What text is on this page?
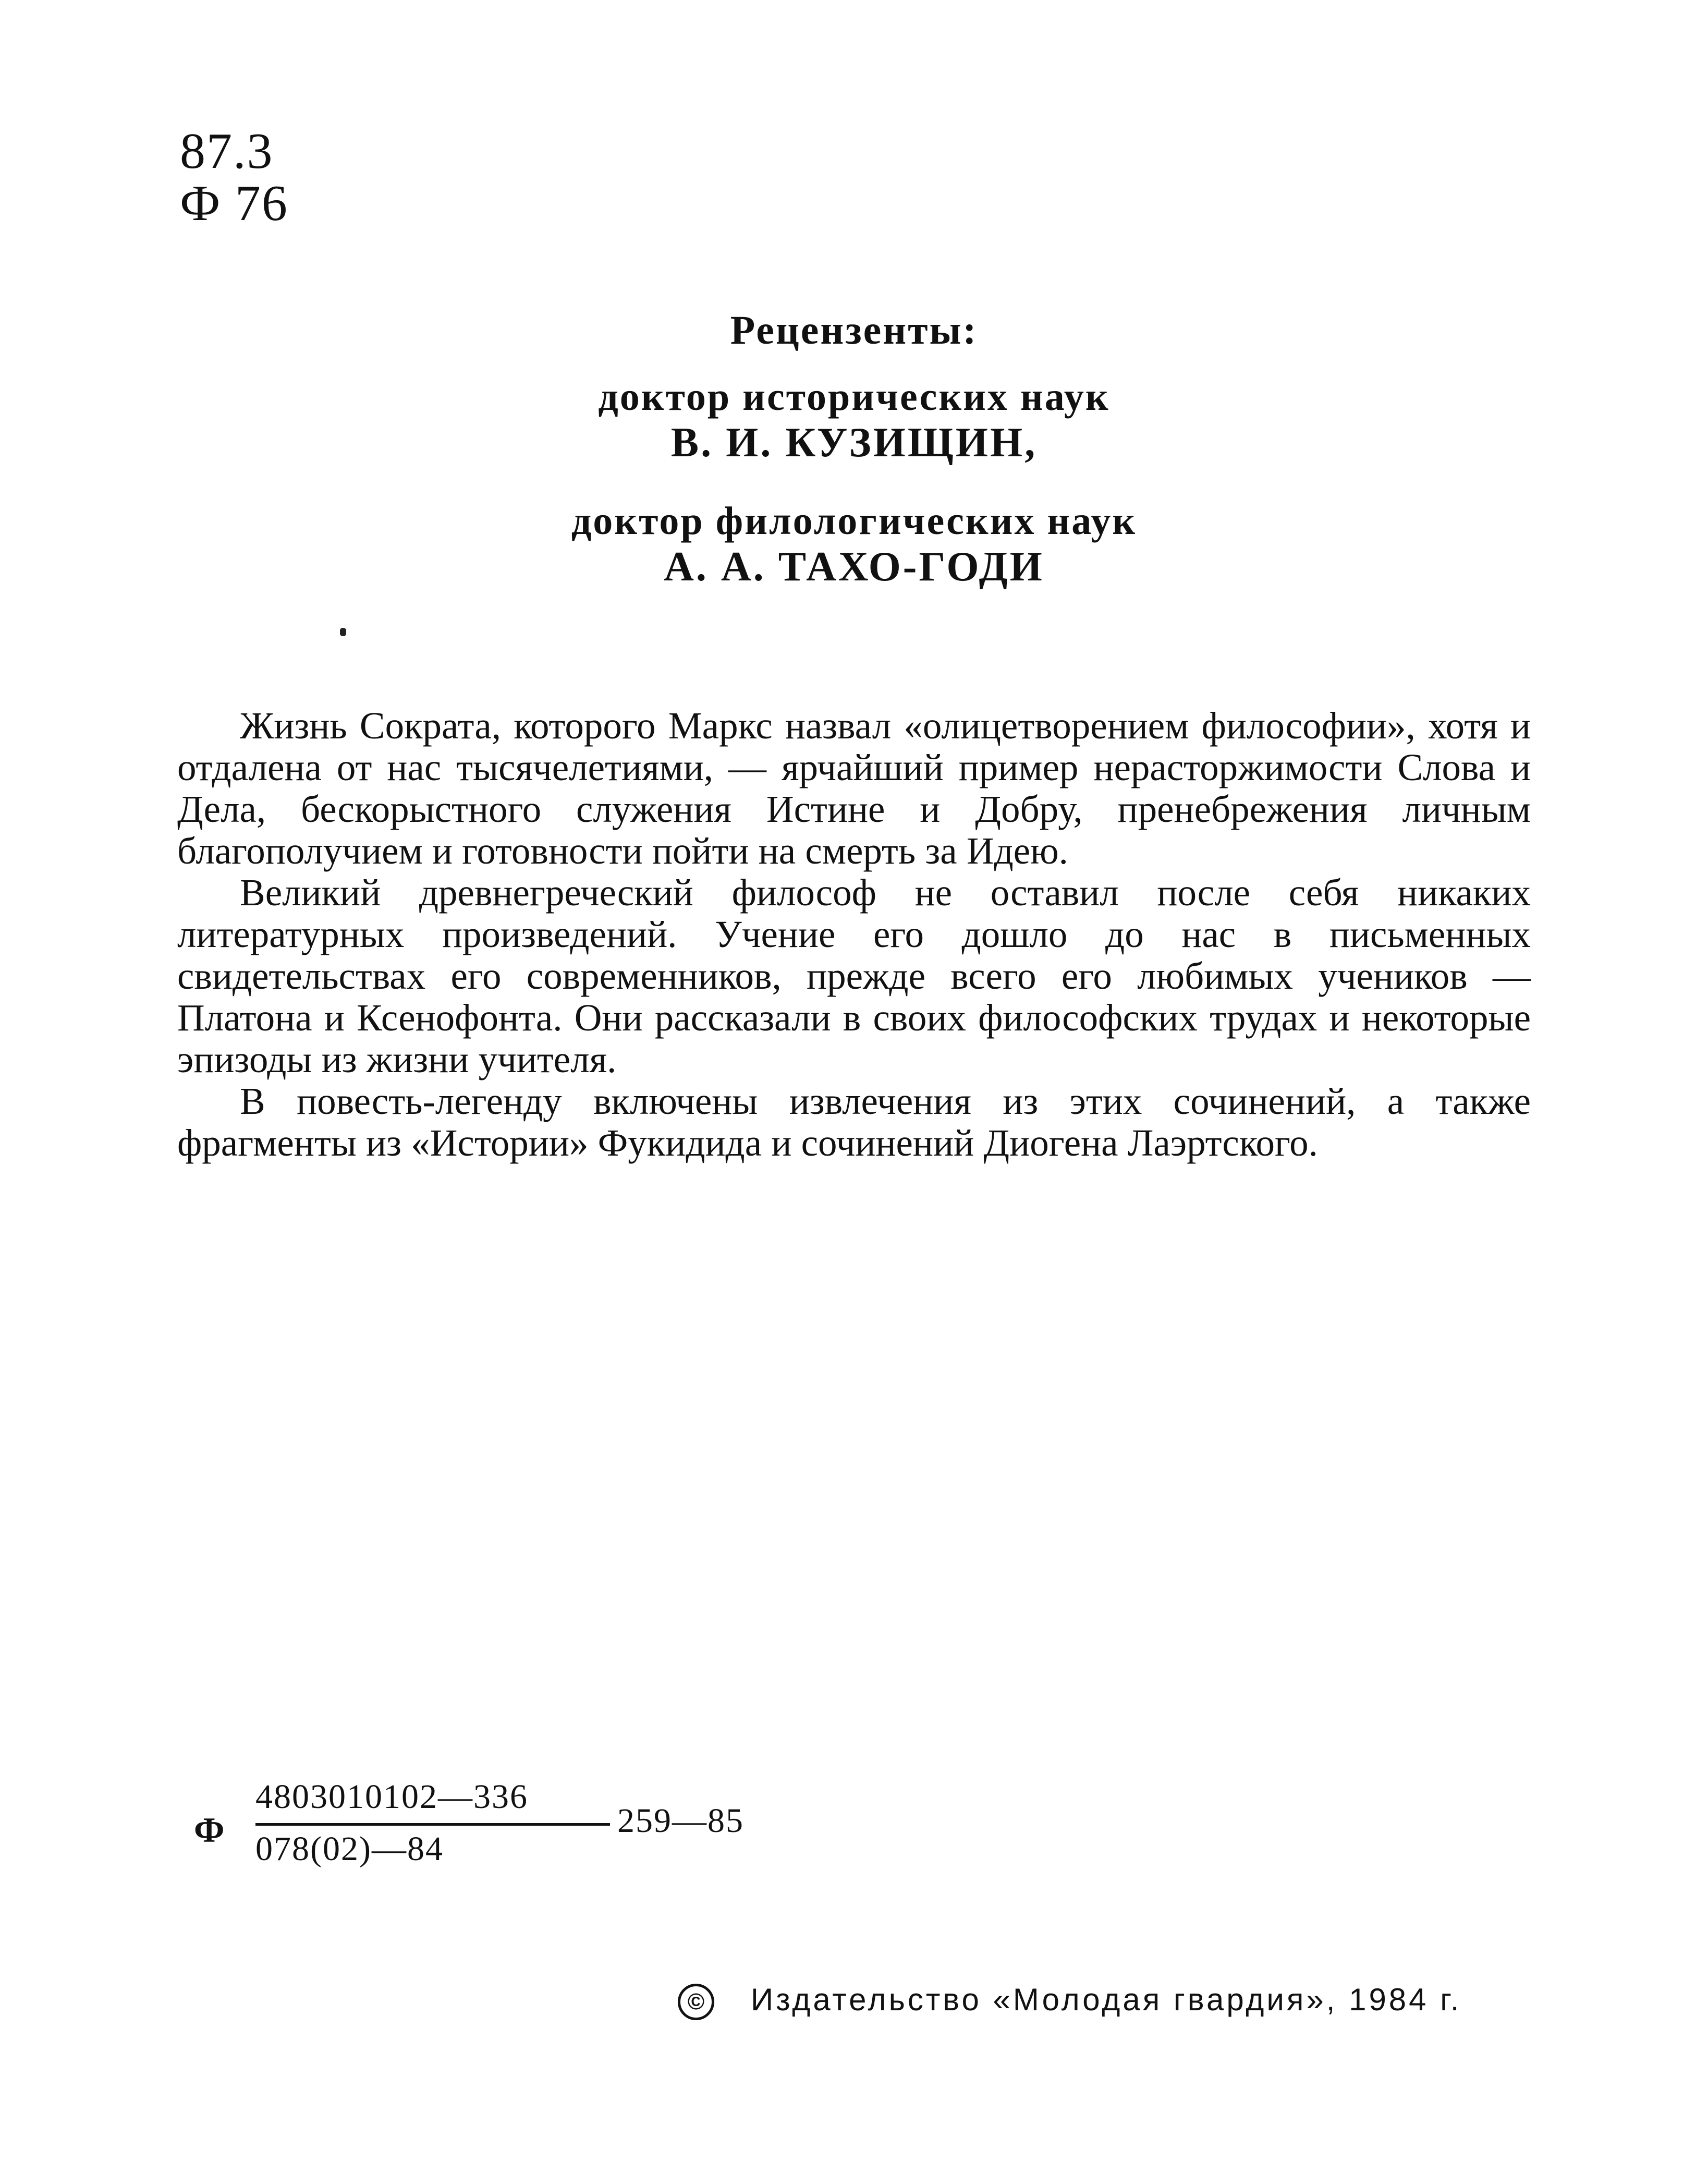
87.3
Ф 76
Рецензенты:
доктор исторических наук
В. И. КУЗИЩИН,
доктор филологических наук
А. А. ТАХО-ГОДИ

Жизнь Сократа, которого Маркс назвал «олицетворением философии», хотя и отдалена от нас тысячелетиями, — ярчайший пример нерасторжимости Слова и Дела, бескорыстного служения Истине и Добру, пренебрежения личным благополучием и готовности пойти на смерть за Идею.

Великий древнегреческий философ не оставил после себя никаких литературных произведений. Учение его дошло до нас в письменных свидетельствах его современников, прежде всего его любимых учеников — Платона и Ксенофонта. Они рассказали в своих философских трудах и некоторые эпизоды из жизни учителя.

В повесть-легенду включены извлечения из этих сочинений, а также фрагменты из «Истории» Фукидида и сочинений Диогена Лаэртского.

Ф
4803010102—336
078(02)—84
259—85
© Издательство «Молодая гвардия», 1984 г.
